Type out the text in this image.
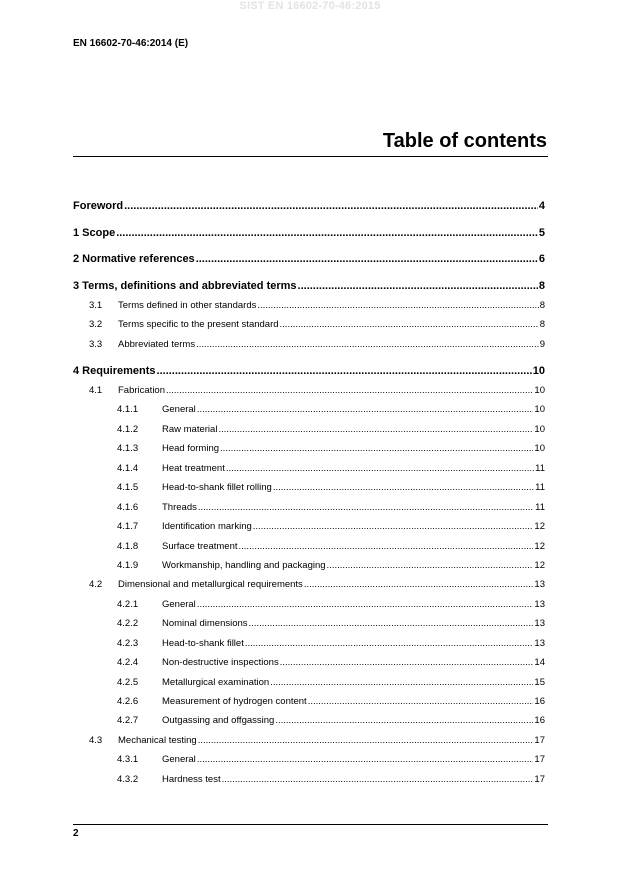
SIST EN 16602-70-46:2015
EN 16602-70-46:2014 (E)
Table of contents
Foreword .....	4
1 Scope .....	5
2 Normative references .....	6
3 Terms, definitions and abbreviated terms .....	8
3.1	Terms defined in other standards .....	8
3.2	Terms specific to the present standard .....	8
3.3	Abbreviated terms .....	9
4 Requirements .....	10
4.1	Fabrication .....	10
4.1.1	General .....	10
4.1.2	Raw material .....	10
4.1.3	Head forming .....	10
4.1.4	Heat treatment .....	11
4.1.5	Head-to-shank fillet rolling .....	11
4.1.6	Threads .....	11
4.1.7	Identification marking .....	12
4.1.8	Surface treatment .....	12
4.1.9	Workmanship, handling and packaging .....	12
4.2	Dimensional and metallurgical requirements .....	13
4.2.1	General .....	13
4.2.2	Nominal dimensions .....	13
4.2.3	Head-to-shank fillet .....	13
4.2.4	Non-destructive inspections .....	14
4.2.5	Metallurgical examination .....	15
4.2.6	Measurement of hydrogen content .....	16
4.2.7	Outgassing and offgassing .....	16
4.3	Mechanical testing .....	17
4.3.1	General .....	17
4.3.2	Hardness test .....	17
2
